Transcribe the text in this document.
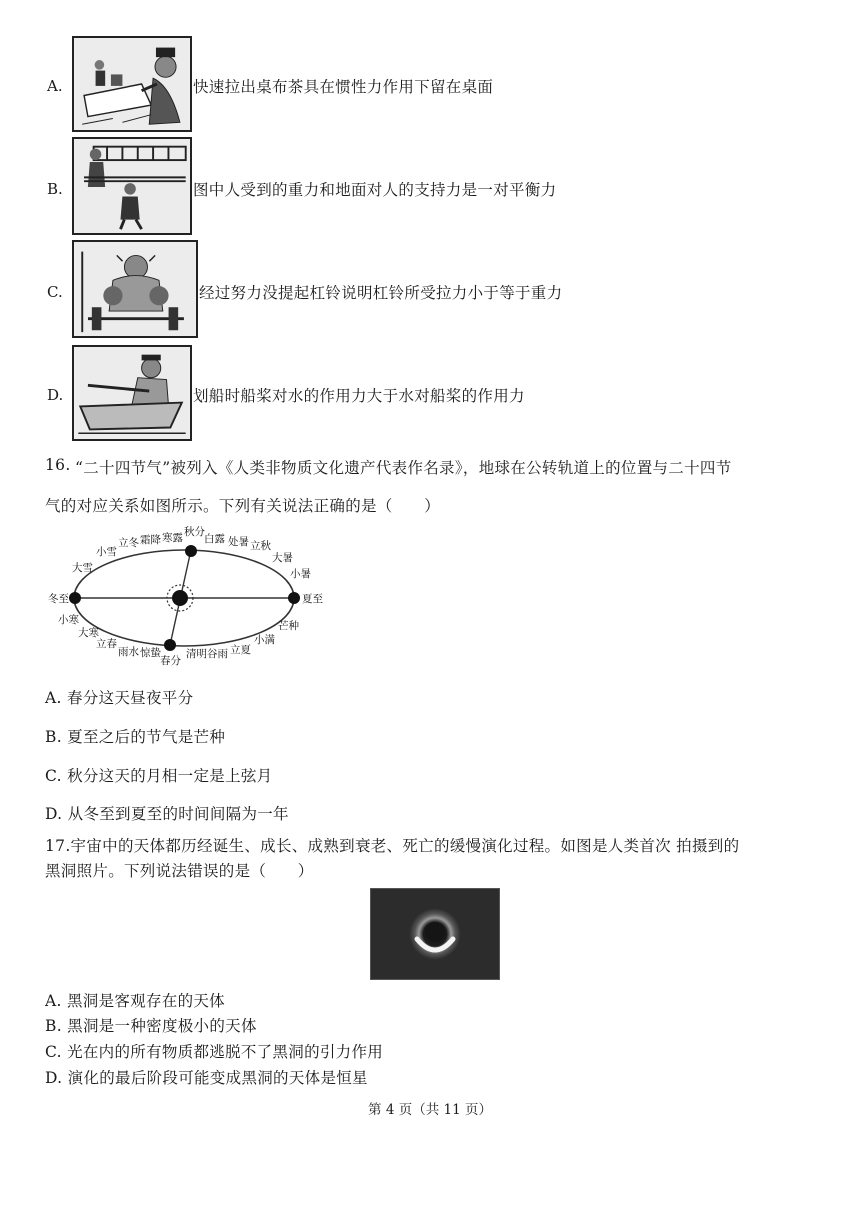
A.	快速拉出桌布茶具在惯性力作用下留在桌面
B.	图中人受到的重力和地面对人的支持力是一对平衡力
C.	经过努力没提起杠铃说明杠铃所受拉力小于等于重力
D.	划船时船桨对水的作用力大于水对船桨的作用力
16. “二十四节气”被列入《人类非物质文化遗产代表作名录》，地球在公转轨道上的位置与二十四节
气的对应关系如图所示。下列有关说法正确的是（　　）
冬至
小寒
大寒
立春
雨水 惊蛰
春分
清明 谷雨 立夏
小满
芒种
夏至
小暑
大暑
立秋
处暑
白露
秋分
寒露
霜降
立冬
小雪
大雪
A. 春分这天昼夜平分
B. 夏至之后的节气是芒种
C. 秋分这天的月相一定是上弦月
D. 从冬至到夏至的时间间隔为一年
17.宇宙中的天体都历经诞生、成长、成熟到衰老、死亡的缓慢演化过程。如图是人类首次 拍摄到的
黑洞照片。下列说法错误的是（　　）
A. 黑洞是客观存在的天体
B. 黑洞是一种密度极小的天体
C. 光在内的所有物质都逃脱不了黑洞的引力作用
D. 演化的最后阶段可能变成黑洞的天体是恒星
第 4 页（共 11 页）
